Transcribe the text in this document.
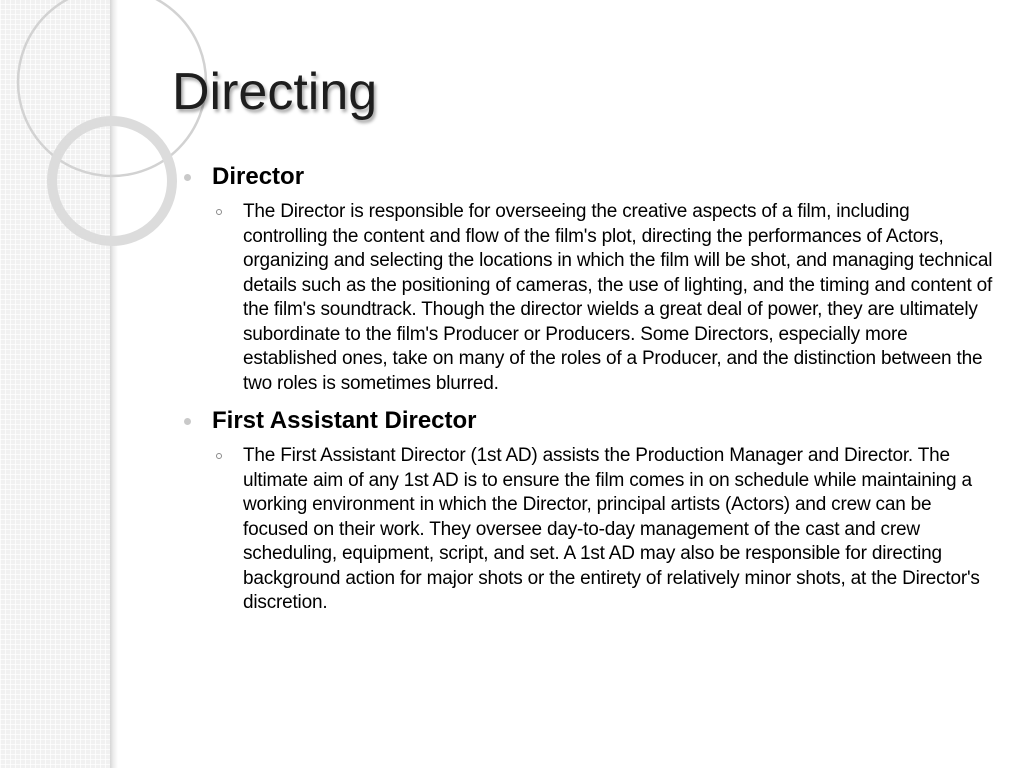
Directing
Director
The Director is responsible for overseeing the creative aspects of a film, including controlling the content and flow of the film's plot, directing the performances of Actors, organizing and selecting the locations in which the film will be shot, and managing technical details such as the positioning of cameras, the use of lighting, and the timing and content of the film's soundtrack. Though the director wields a great deal of power, they are ultimately subordinate to the film's Producer or Producers. Some Directors, especially more established ones, take on many of the roles of a Producer, and the distinction between the two roles is sometimes blurred.
First Assistant Director
The First Assistant Director (1st AD) assists the Production Manager and Director. The ultimate aim of any 1st AD is to ensure the film comes in on schedule while maintaining a working environment in which the Director, principal artists (Actors) and crew can be focused on their work. They oversee day-to-day management of the cast and crew scheduling, equipment, script, and set. A 1st AD may also be responsible for directing background action for major shots or the entirety of relatively minor shots, at the Director's discretion.
